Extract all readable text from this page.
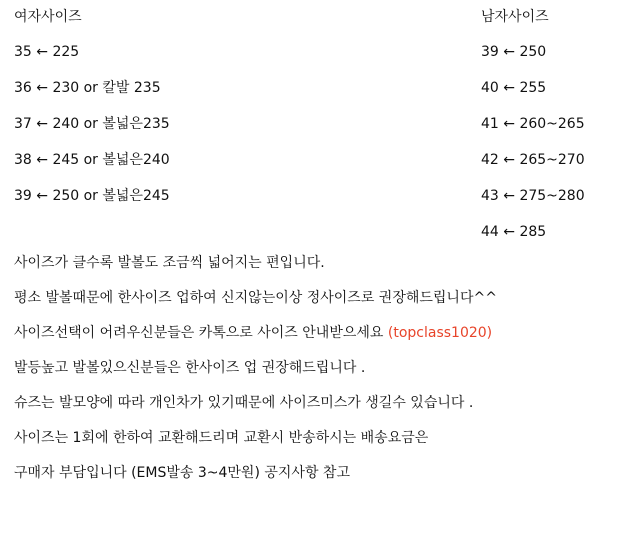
여자사이즈
35 ← 225
36 ← 230 or 칼발 235
37 ← 240 or 볼넓은235
38 ← 245 or 볼넓은240
39 ← 250 or 볼넓은245
남자사이즈
39 ← 250
40 ← 255
41 ← 260~265
42 ← 265~270
43 ← 275~280
44 ← 285
사이즈가 클수록 발볼도 조금씩 넓어지는 편입니다.
평소 발볼때문에 한사이즈 업하여 신지않는이상 정사이즈로 권장해드립니다^^
사이즈선택이 어려우신분들은 카톡으로 사이즈 안내받으세요 (topclass1020)
발등높고 발볼있으신분들은 한사이즈 업 권장해드립니다 .
슈즈는 발모양에 따라 개인차가 있기때문에 사이즈미스가 생길수 있습니다 .
사이즈는 1회에 한하여 교환해드리며 교환시 반송하시는 배송요금은
구매자 부담입니다 (EMS발송 3~4만원) 공지사항 참고
